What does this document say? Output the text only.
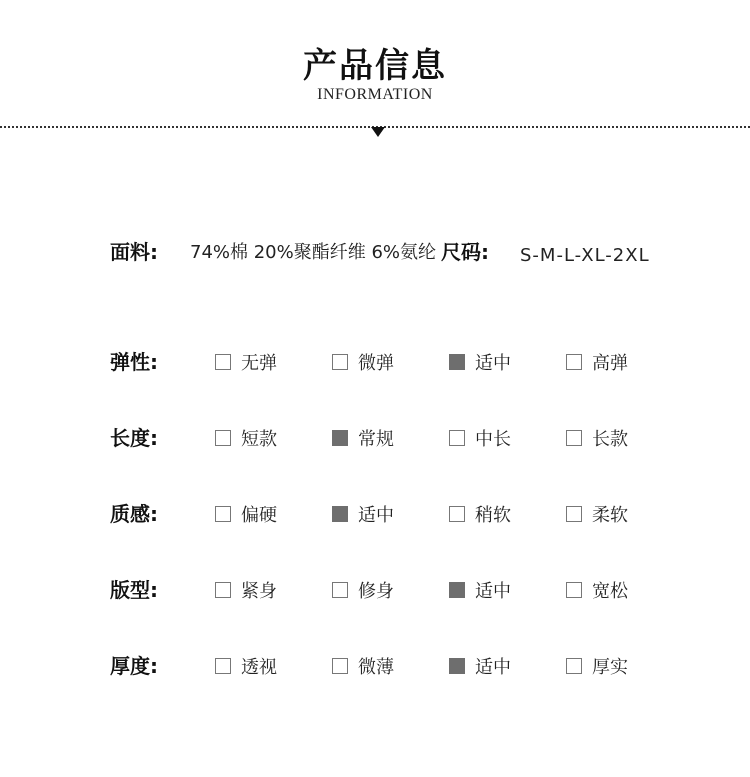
产品信息
INFORMATION
面料: 74%棉 20%聚酯纤维 6%氨纶 尺码: S-M-L-XL-2XL
弹性:	无弹	微弹	适中	高弹
长度:	短款	常规	中长	长款
质感:	偏硬	适中	稍软	柔软
版型:	紧身	修身	适中	宽松
厚度:	透视	微薄	适中	厚实
